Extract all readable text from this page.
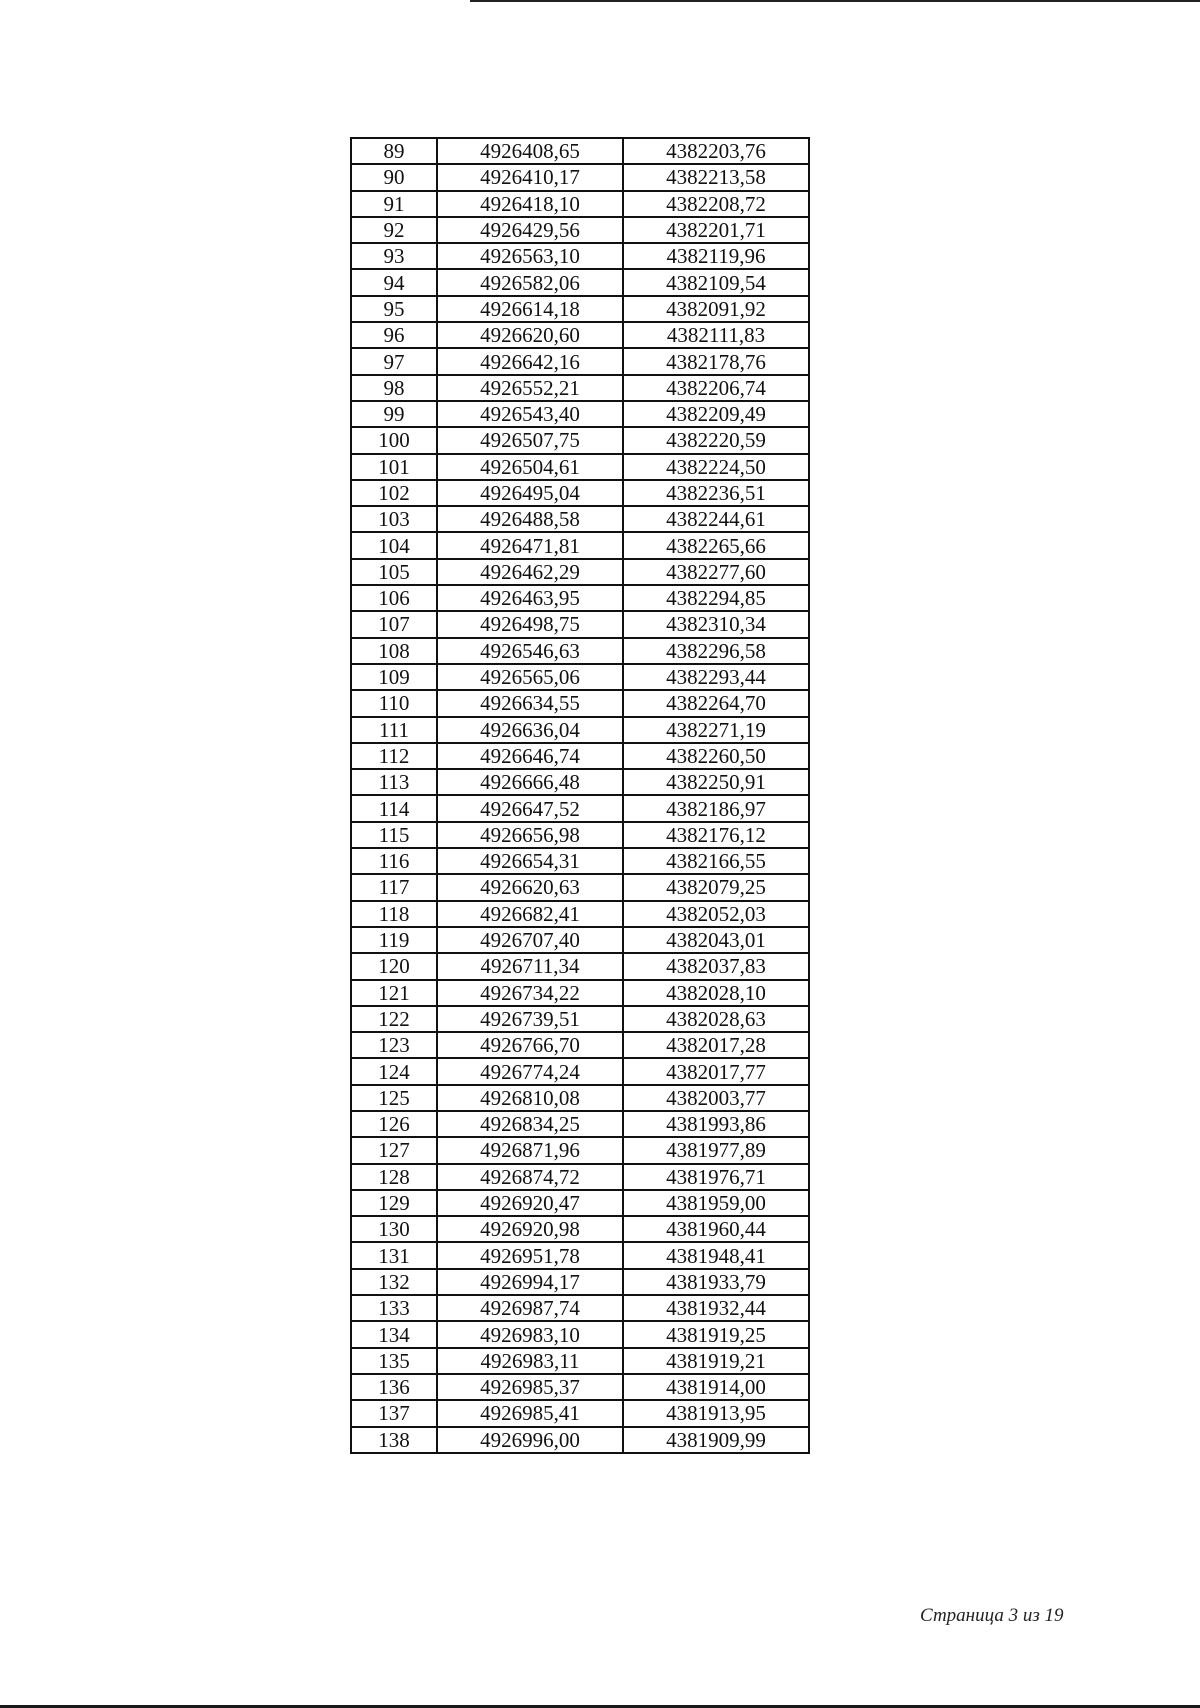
89	4926408,65	4382203,76
90	4926410,17	4382213,58
91	4926418,10	4382208,72
92	4926429,56	4382201,71
93	4926563,10	4382119,96
94	4926582,06	4382109,54
95	4926614,18	4382091,92
96	4926620,60	4382111,83
97	4926642,16	4382178,76
98	4926552,21	4382206,74
99	4926543,40	4382209,49
100	4926507,75	4382220,59
101	4926504,61	4382224,50
102	4926495,04	4382236,51
103	4926488,58	4382244,61
104	4926471,81	4382265,66
105	4926462,29	4382277,60
106	4926463,95	4382294,85
107	4926498,75	4382310,34
108	4926546,63	4382296,58
109	4926565,06	4382293,44
110	4926634,55	4382264,70
111	4926636,04	4382271,19
112	4926646,74	4382260,50
113	4926666,48	4382250,91
114	4926647,52	4382186,97
115	4926656,98	4382176,12
116	4926654,31	4382166,55
117	4926620,63	4382079,25
118	4926682,41	4382052,03
119	4926707,40	4382043,01
120	4926711,34	4382037,83
121	4926734,22	4382028,10
122	4926739,51	4382028,63
123	4926766,70	4382017,28
124	4926774,24	4382017,77
125	4926810,08	4382003,77
126	4926834,25	4381993,86
127	4926871,96	4381977,89
128	4926874,72	4381976,71
129	4926920,47	4381959,00
130	4926920,98	4381960,44
131	4926951,78	4381948,41
132	4926994,17	4381933,79
133	4926987,74	4381932,44
134	4926983,10	4381919,25
135	4926983,11	4381919,21
136	4926985,37	4381914,00
137	4926985,41	4381913,95
138	4926996,00	4381909,99
Страница 3 из 19
